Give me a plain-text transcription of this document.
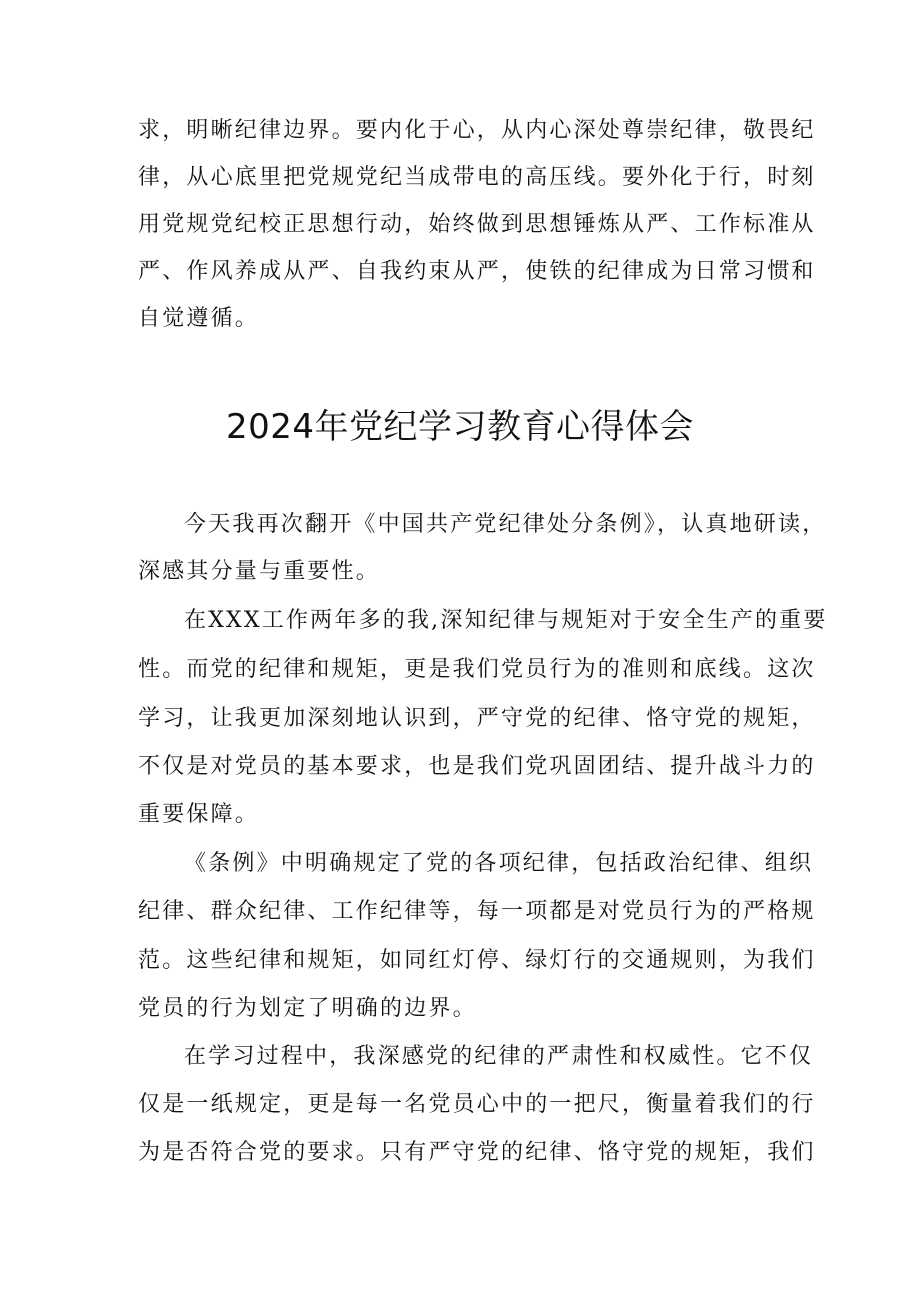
求，明晰纪律边界。要内化于心，从内心深处尊崇纪律，敬畏纪

律，从心底里把党规党纪当成带电的高压线。要外化于行，时刻

用党规党纪校正思想行动，始终做到思想锤炼从严、工作标准从

严、作风养成从严、自我约束从严，使铁的纪律成为日常习惯和

自觉遵循。

2024年党纪学习教育心得体会

今天我再次翻开《中国共产党纪律处分条例》，认真地研读，

深感其分量与重要性。

在XXX工作两年多的我,深知纪律与规矩对于安全生产的重要

性。而党的纪律和规矩，更是我们党员行为的准则和底线。这次

学习，让我更加深刻地认识到，严守党的纪律、恪守党的规矩，

不仅是对党员的基本要求，也是我们党巩固团结、提升战斗力的

重要保障。

《条例》中明确规定了党的各项纪律，包括政治纪律、组织

纪律、群众纪律、工作纪律等，每一项都是对党员行为的严格规

范。这些纪律和规矩，如同红灯停、绿灯行的交通规则，为我们

党员的行为划定了明确的边界。

在学习过程中，我深感党的纪律的严肃性和权威性。它不仅

仅是一纸规定，更是每一名党员心中的一把尺，衡量着我们的行

为是否符合党的要求。只有严守党的纪律、恪守党的规矩，我们
